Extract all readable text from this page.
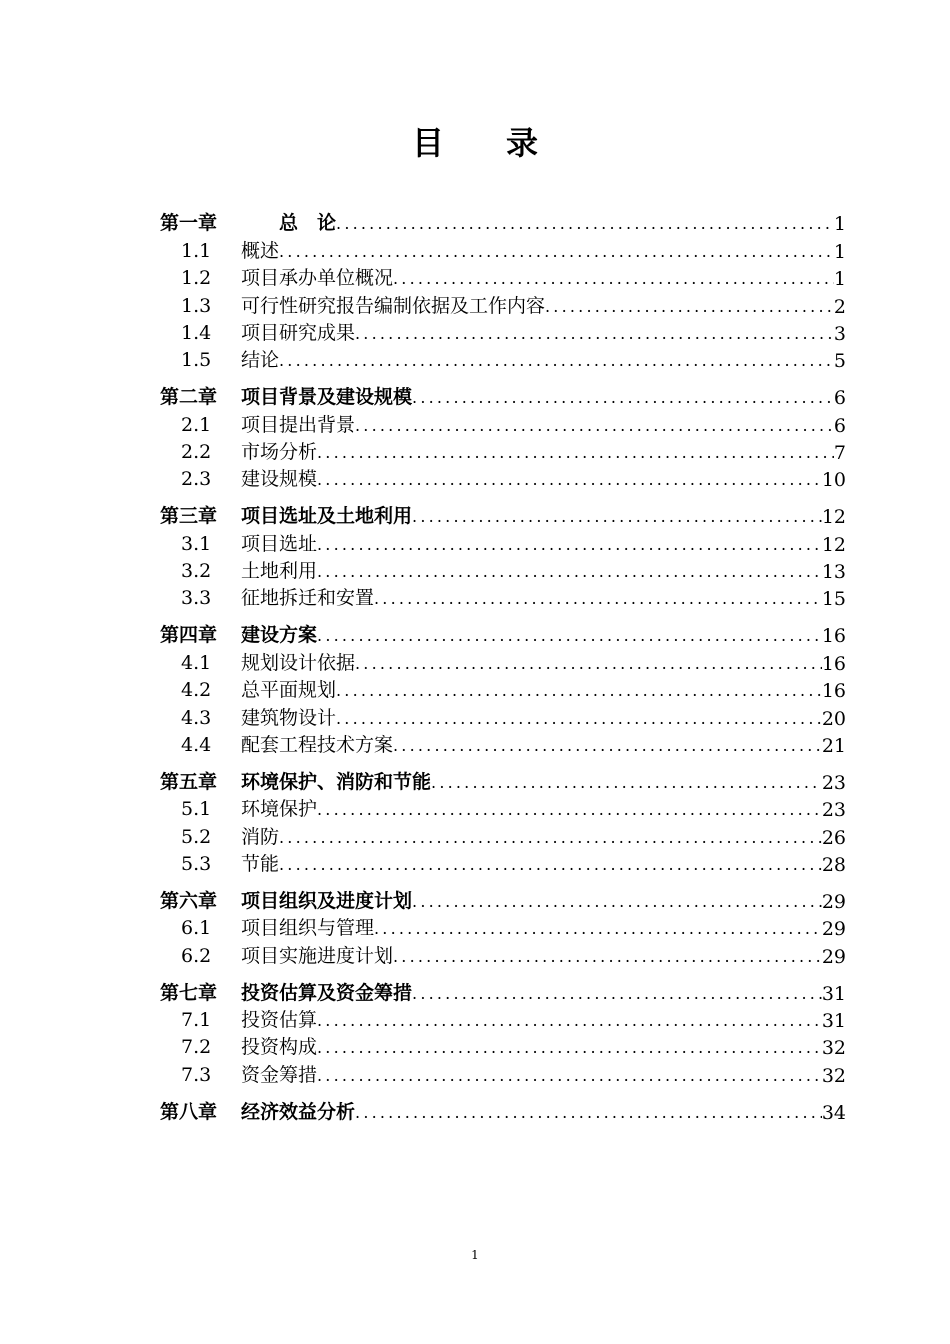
目 录
第一章　　总　论 .....	1
1.1 概述 .....	1
1.2 项目承办单位概况 .....	1
1.3 可行性研究报告编制依据及工作内容 .....	2
1.4 项目研究成果 .....	3
1.5 结论 .....	5
第二章 项目背景及建设规模 .....	6
2.1 项目提出背景 .....	6
2.2 市场分析 .....	7
2.3 建设规模 .....	10
第三章 项目选址及土地利用 .....	12
3.1 项目选址 .....	12
3.2 土地利用 .....	13
3.3 征地拆迁和安置 .....	15
第四章 建设方案 .....	16
4.1 规划设计依据 .....	16
4.2 总平面规划 .....	16
4.3 建筑物设计 .....	20
4.4 配套工程技术方案 .....	21
第五章 环境保护、消防和节能 .....	23
5.1 环境保护 .....	23
5.2 消防 .....	26
5.3 节能 .....	28
第六章 项目组织及进度计划 .....	29
6.1 项目组织与管理 .....	29
6.2 项目实施进度计划 .....	29
第七章 投资估算及资金筹措 .....	31
7.1 投资估算 .....	31
7.2 投资构成 .....	32
7.3 资金筹措 .....	32
第八章 经济效益分析 .....	34
1
